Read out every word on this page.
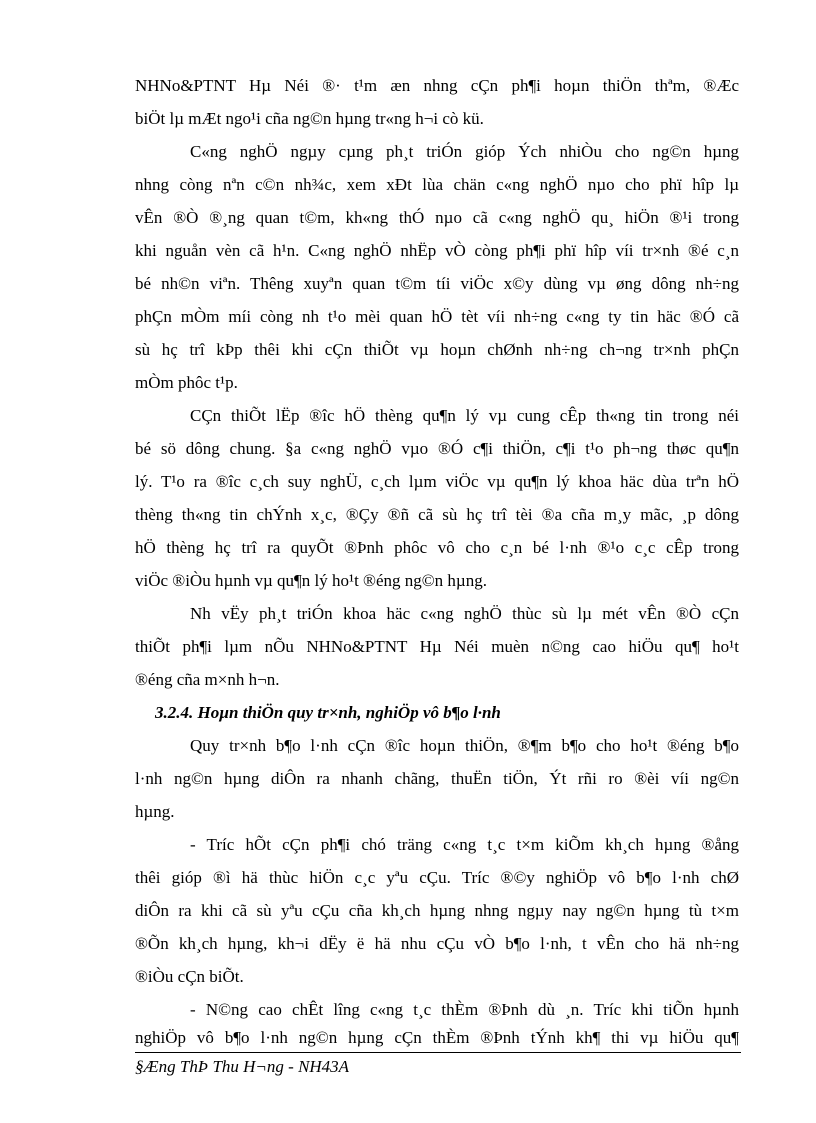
NHNo&PTNT Hµ Néi ®· t¹m æn nhng cÇn ph¶i hoµn thiÖn thªm, ®Æc
biÖt lµ mÆt ngo¹i cña ng©n hµng tr«ng h¬i cò kü.
C«ng nghÖ ngµy cµng ph¸t triÓn gióp Ých nhiÒu cho ng©n hµng
nhng còng nªn c©n nh¾c, xem xÐt lùa chän c«ng nghÖ nµo cho phï hîp lµ
vÊn ®Ò ®¸ng quan t©m, kh«ng thÓ nµo cã c«ng nghÖ qu¸ hiÖn ®¹i trong
khi nguån vèn cã h¹n. C«ng nghÖ nhËp vÒ còng ph¶i phï hîp víi tr×nh ®é c¸n
bé nh©n viªn. Thêng xuyªn quan t©m tíi viÖc x©y dùng vµ øng dông nh÷ng
phÇn mÒm míi còng nh t¹o mèi quan hÖ tèt víi nh÷ng c«ng ty tin häc ®Ó cã
sù hç trî kÞp thêi khi cÇn thiÕt vµ hoµn chØnh nh÷ng ch¬ng tr×nh phÇn
mÒm phôc t¹p.
CÇn thiÕt lËp ®îc hÖ thèng qu¶n lý vµ cung cÊp th«ng tin trong néi
bé sö dông chung. §a c«ng nghÖ vµo ®Ó c¶i thiÖn, c¶i t¹o ph¬ng thøc qu¶n
lý. T¹o ra ®îc c¸ch suy nghÜ, c¸ch lµm viÖc vµ qu¶n lý khoa häc dùa trªn hÖ
thèng th«ng tin chÝnh x¸c, ®Çy ®ñ cã sù hç trî tèi ®a cña m¸y mãc, ¸p dông
hÖ thèng hç trî ra quyÕt ®Þnh phôc vô cho c¸n bé l·nh ®¹o c¸c cÊp trong
viÖc ®iÒu hµnh vµ qu¶n lý ho¹t ®éng ng©n hµng.
Nh vËy ph¸t triÓn khoa häc c«ng nghÖ thùc sù lµ mét vÊn ®Ò cÇn
thiÕt ph¶i lµm nÕu NHNo&PTNT Hµ Néi muèn n©ng cao hiÖu qu¶ ho¹t
®éng cña m×nh h¬n.
3.2.4. Hoµn thiÖn quy tr×nh, nghiÖp vô b¶o l·nh
Quy tr×nh b¶o l·nh cÇn ®îc hoµn thiÖn, ®¶m b¶o cho ho¹t ®éng b¶o
l·nh ng©n hµng diÔn ra nhanh chãng, thuËn tiÖn, Ýt rñi ro ®èi víi ng©n
hµng.
- Tríc hÕt cÇn ph¶i chó träng c«ng t¸c t×m kiÕm kh¸ch hµng ®ång
thêi gióp ®ì hä thùc hiÖn c¸c yªu cÇu. Tríc ®©y nghiÖp vô b¶o l·nh chØ
diÔn ra khi cã sù yªu cÇu cña kh¸ch hµng nhng ngµy nay ng©n hµng tù t×m
®Õn kh¸ch hµng, kh¬i dËy ë hä nhu cÇu vÒ b¶o l·nh, t vÊn cho hä nh÷ng
®iÒu cÇn biÕt.
- N©ng cao chÊt lîng c«ng t¸c thÈm ®Þnh dù ¸n. Tríc khi tiÕn hµnh
nghiÖp vô b¶o l·nh ng©n hµng cÇn thÈm ®Þnh tÝnh kh¶ thi vµ hiÖu qu¶
§Æng ThÞ Thu H¬ng - NH43A
